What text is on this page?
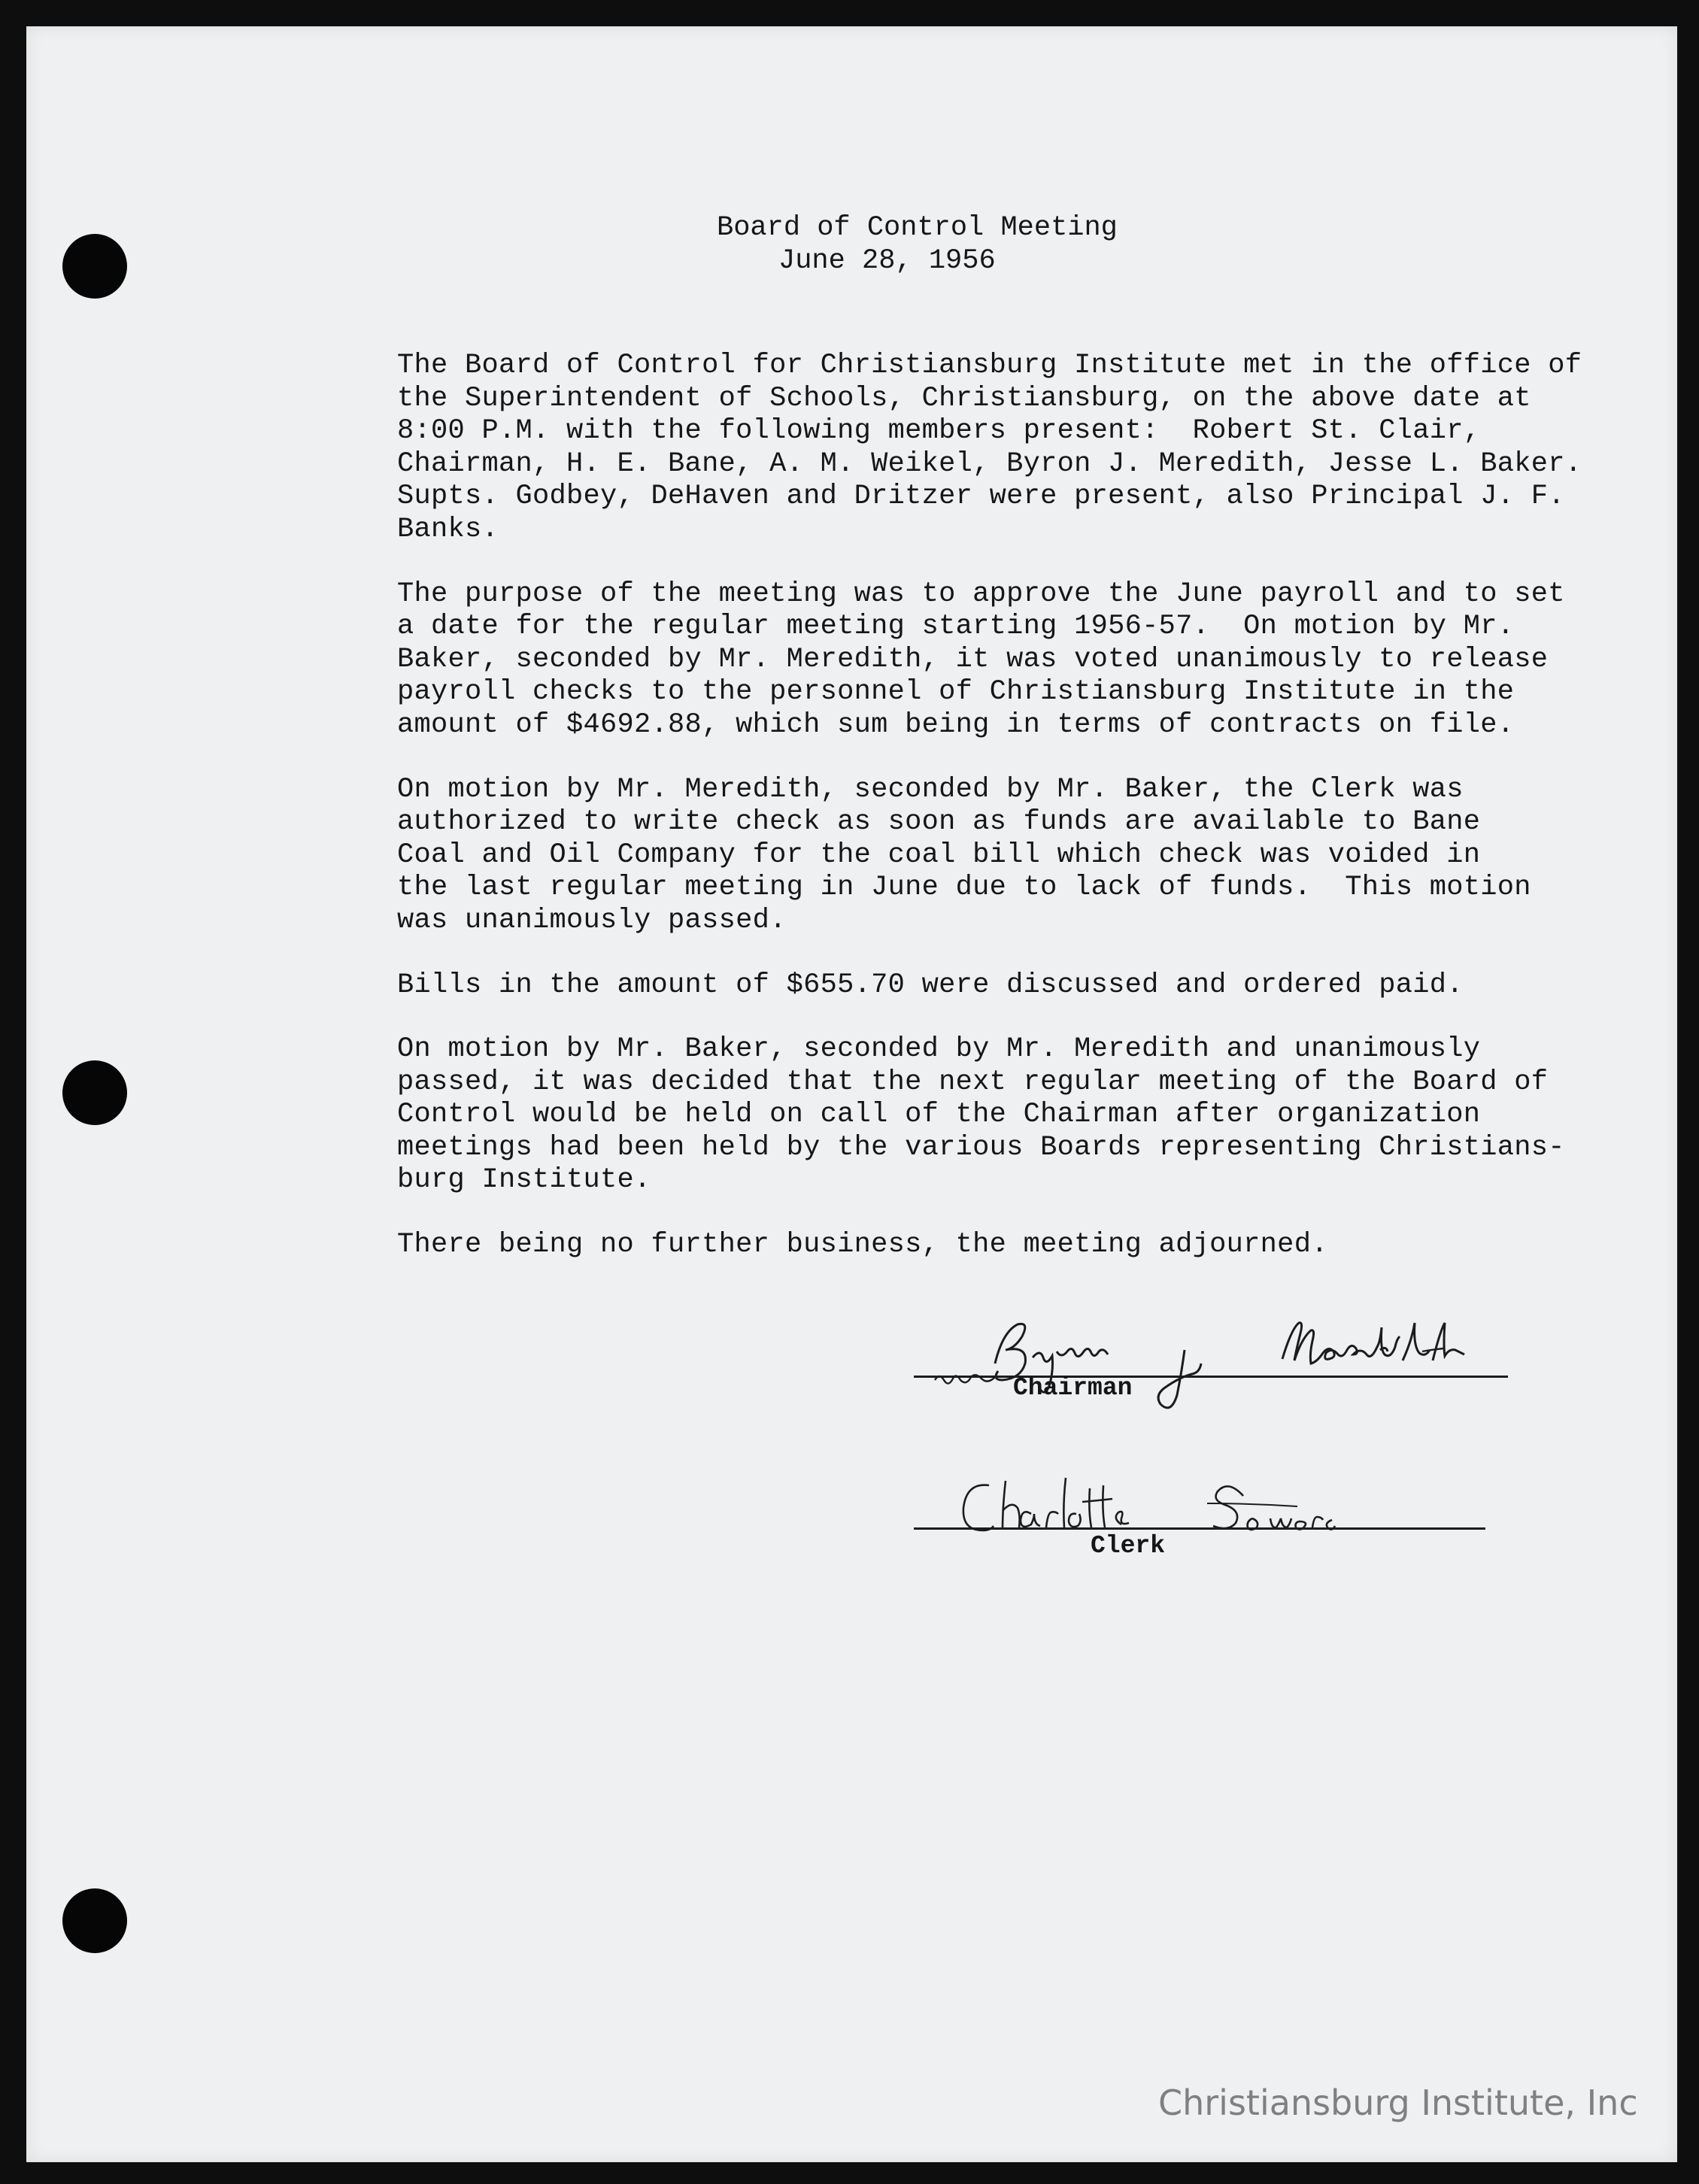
Board of Control Meeting
June 28, 1956

The Board of Control for Christiansburg Institute met in the office of
the Superintendent of Schools, Christiansburg, on the above date at
8:00 P.M. with the following members present:  Robert St. Clair,
Chairman, H. E. Bane, A. M. Weikel, Byron J. Meredith, Jesse L. Baker.
Supts. Godbey, DeHaven and Dritzer were present, also Principal J. F.
Banks.

The purpose of the meeting was to approve the June payroll and to set
a date for the regular meeting starting 1956-57.  On motion by Mr.
Baker, seconded by Mr. Meredith, it was voted unanimously to release
payroll checks to the personnel of Christiansburg Institute in the
amount of $4692.88, which sum being in terms of contracts on file.

On motion by Mr. Meredith, seconded by Mr. Baker, the Clerk was
authorized to write check as soon as funds are available to Bane
Coal and Oil Company for the coal bill which check was voided in
the last regular meeting in June due to lack of funds.  This motion
was unanimously passed.

Bills in the amount of $655.70 were discussed and ordered paid.

On motion by Mr. Baker, seconded by Mr. Meredith and unanimously
passed, it was decided that the next regular meeting of the Board of
Control would be held on call of the Chairman after organization
meetings had been held by the various Boards representing Christians-
burg Institute.

There being no further business, the meeting adjourned.

Chairman
Clerk
Christiansburg Institute, Inc
